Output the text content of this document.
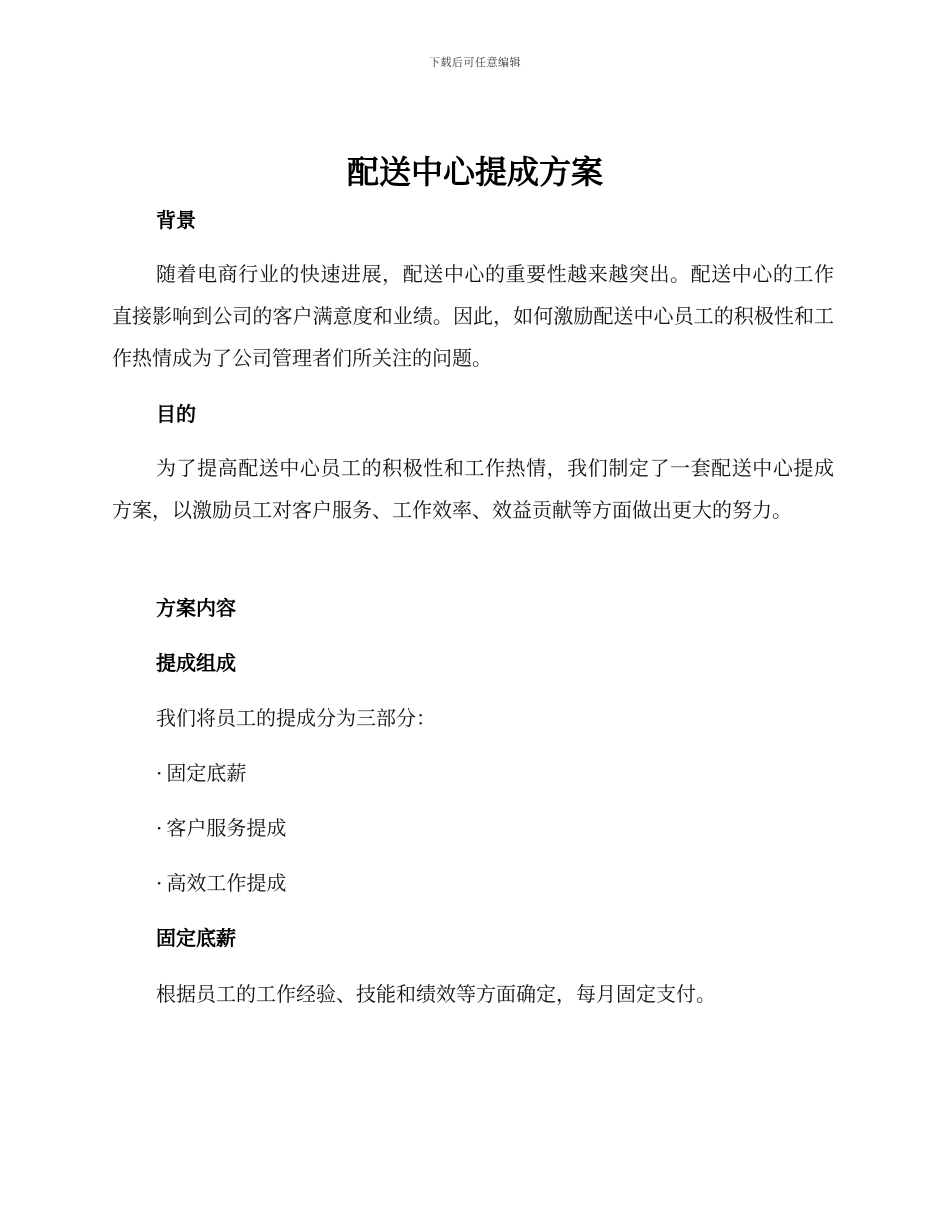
下载后可任意编辑
配送中心提成方案
背景

随着电商行业的快速进展，配送中心的重要性越来越突出。配送中心的工作直接影响到公司的客户满意度和业绩。因此，如何激励配送中心员工的积极性和工作热情成为了公司管理者们所关注的问题。

目的

为了提高配送中心员工的积极性和工作热情，我们制定了一套配送中心提成方案，以激励员工对客户服务、工作效率、效益贡献等方面做出更大的努力。

方案内容
提成组成

我们将员工的提成分为三部分：

· 固定底薪

· 客户服务提成

· 高效工作提成

固定底薪

根据员工的工作经验、技能和绩效等方面确定，每月固定支付。
